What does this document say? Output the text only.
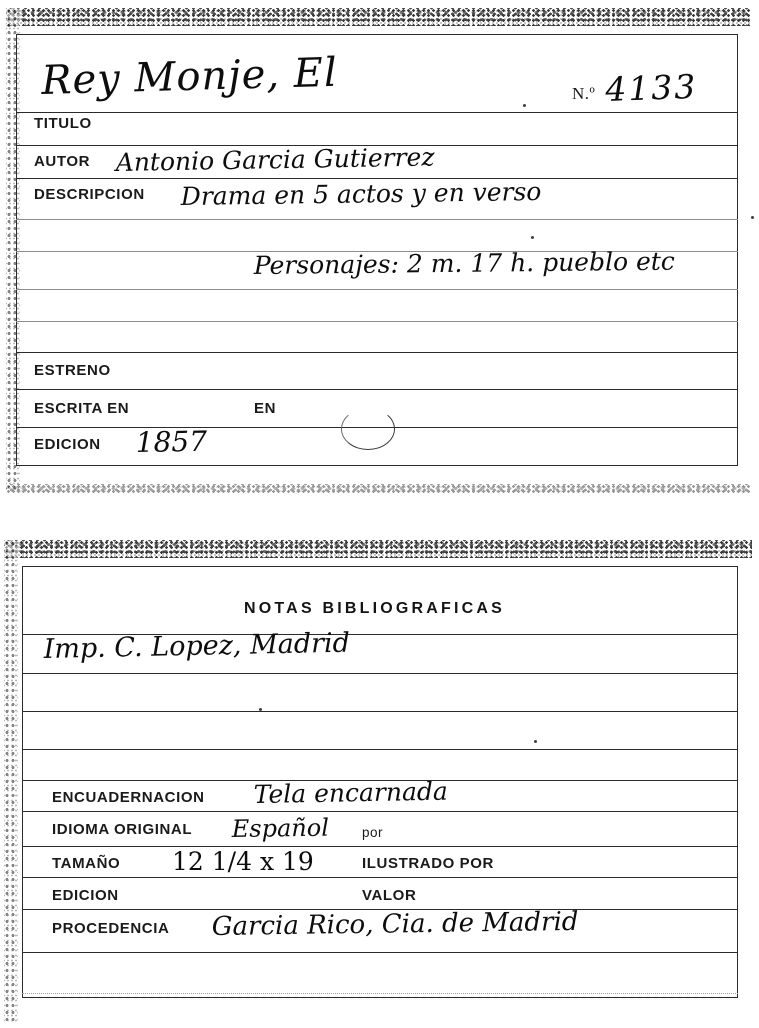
Rey Monje, El	N.º 4133
TITULO
AUTOR Antonio Garcia Gutierrez
DESCRIPCION Drama en 5 actos y en verso
Personajes: 2 m. 17 h. pueblo etc
ESTRENO
ESCRITA EN	EN
EDICION 1857
NOTAS BIBLIOGRAFICAS
Imp. C. Lopez, Madrid
ENCUADERNACION Tela encarnada
IDIOMA ORIGINAL Español por
TAMAÑO 12 1/4 x 19	ILUSTRADO POR
EDICION	VALOR
PROCEDENCIA Garcia Rico, Cia. de Madrid
